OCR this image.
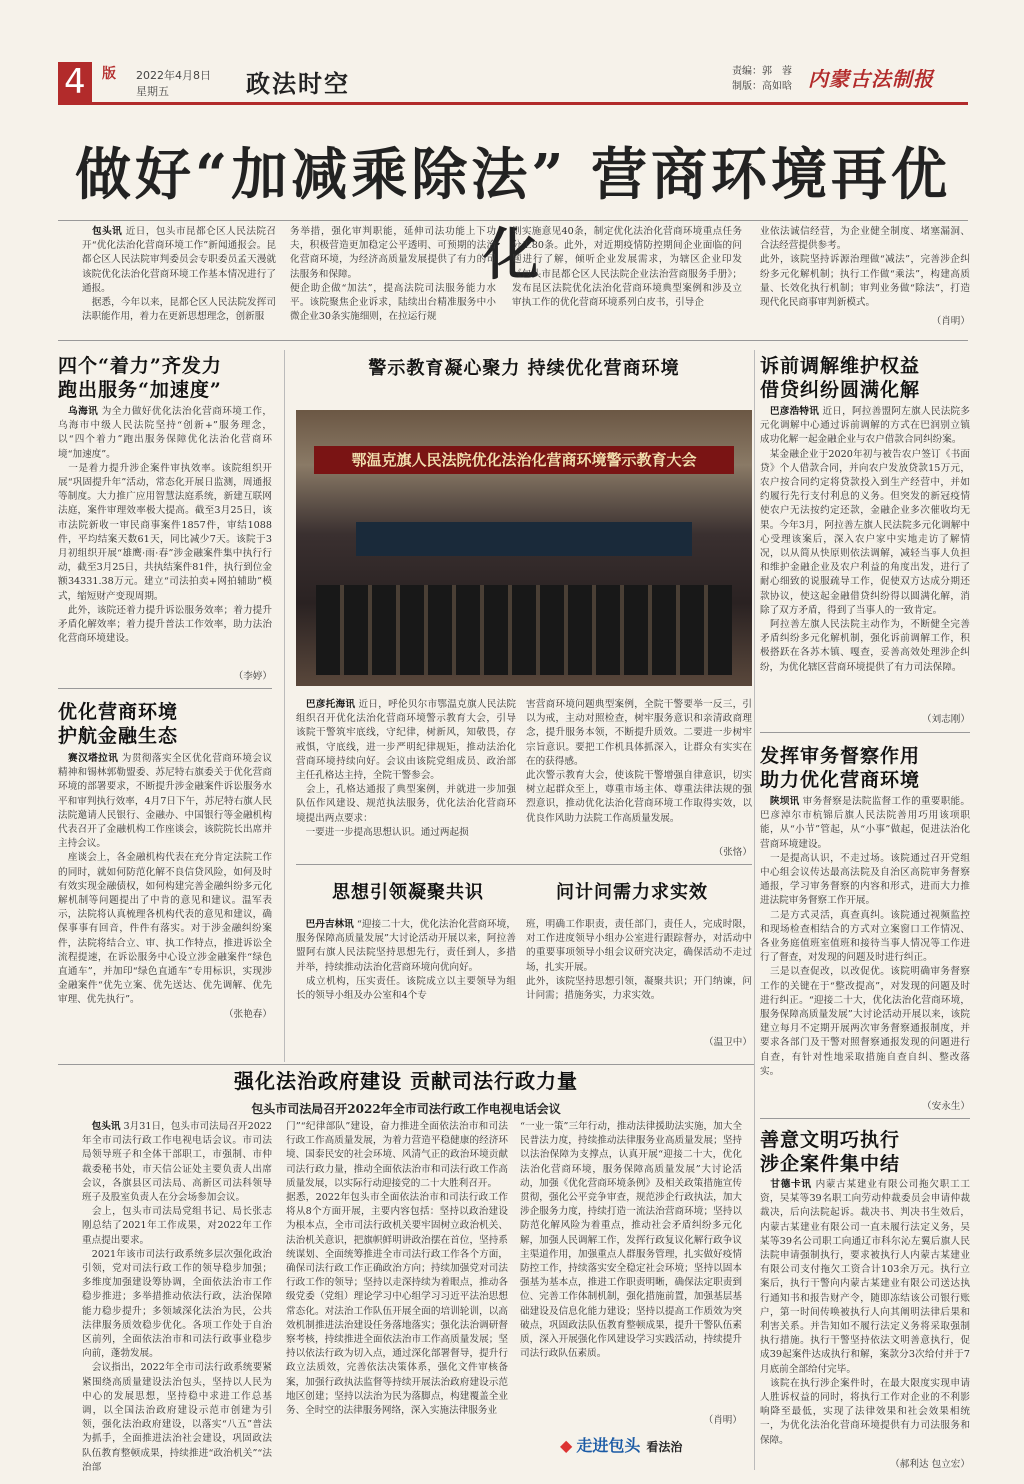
4	版	2022年4月8日
星期五	政法时空	责编：郭　蓉
制版：高如晗 内蒙古法制报
做好“加减乘除法” 营商环境再优化
　包头讯 近日，包头市昆都仑区人民法院召开“优化法治化营商环境工作”新闻通报会。昆都仑区人民法院审判委员会专职委员孟天漫就该院优化法治化营商环境工作基本情况进行了通报。
　据悉，今年以来，昆都仑区人民法院发挥司法职能作用，着力在更新思想理念，创新服
务举措，强化审判职能，延伸司法功能上下功夫，积极营造更加稳定公平透明、可预期的法治化营商环境，为经济高质量发展提供了有力的司法服务和保障。
便企助企做“加法”，提高法院司法服务能力水平。该院聚焦企业诉求，陆续出台精准服务中小微企业30条实施细则，在拉运行规
则实施意见40条，制定优化法治化营商环境重点任务分工80条。此外，对近期疫情防控期间企业面临的问题进行了解，倾听企业发展需求，为辖区企业印发《包头市昆都仑区人民法院企业法治营商服务手册》；发布昆区法院优化法治化营商环境典型案例和涉及立审执工作的优化营商环境系列白皮书，引导企
业依法诚信经营，为企业健全制度、堵塞漏洞、合法经营提供参考。
此外，该院坚持诉源治理做“减法”，完善涉企纠纷多元化解机制；执行工作做“乘法”，构建高质量、长效化执行机制；审判业务做“除法”，打造现代化民商事审判新模式。
（肖明）
四个“着力”齐发力
跑出服务“加速度”
　乌海讯 为全力做好优化法治化营商环境工作，乌海市中级人民法院坚持“创新+”服务理念，以“四个着力”跑出服务保障优化法治化营商环境“加速度”。
　一是着力提升涉企案件审执效率。该院组织开展“巩固提升年”活动，常态化开展日监测，周通报等制度。大力推广应用智慧法庭系统，新建互联网法庭，案件审理效率极大提高。截至3月25日，该市法院新收一审民商事案件1857件，审结1088件，平均结案天数61天，同比减少7天。该院于3月初组织开展“雄鹰·雨·春”涉金融案件集中执行行动，截至3月25日，共执结案件81件，执行到位金额34331.38万元。建立“司法拍卖+网拍辅助”模式，缩短财产变现周期。
　此外，该院还着力提升诉讼服务效率；着力提升矛盾化解效率；着力提升普法工作效率，助力法治化营商环境建设。
（李婷）
优化营商环境
护航金融生态
　赛汉塔拉讯 为贯彻落实全区优化营商环境会议精神和锡林郭勒盟委、苏尼特右旗委关于优化营商环境的部署要求，不断提升涉金融案件诉讼服务水平和审判执行效率，4月7日下午，苏尼特右旗人民法院邀请人民银行、金融办、中国银行等金融机构代表召开了金融机构工作座谈会，该院院长出席并主持会议。
　座谈会上，各金融机构代表在充分肯定法院工作的同时，就如何防范化解不良信贷风险，如何及时有效实现金融债权，如何构建完善金融纠纷多元化解机制等问题提出了中肯的意见和建议。温军表示，法院将认真梳理各机构代表的意见和建议，确保事事有回音，件件有落实。对于涉金融纠纷案件，法院将结合立、审、执工作特点，推进诉讼全流程提速，在诉讼服务中心设立涉金融案件“绿色直通车”，并加印“绿色直通车”专用标识，实现涉金融案件“优先立案、优先送达、优先调解、优先审理、优先执行”。
（张艳春）
警示教育凝心聚力 持续优化营商环境
鄂温克旗人民法院优化法治化营商环境警示教育大会
　巴彦托海讯 近日，呼伦贝尔市鄂温克旗人民法院组织召开优化法治化营商环境警示教育大会，引导该院干警筑牢底线，守纪律，树新风，知敬畏，存戒惧，守底线，进一步严明纪律规矩，推动法治化营商环境持续向好。会议由该院党组成员、政治部主任孔格达主持，全院干警参会。
　会上，孔格达通报了典型案例，并就进一步加强队伍作风建设、规范执法服务，优化法治化营商环境提出两点要求：
　一要进一步提高思想认识。通过两起损
害营商环境问题典型案例，全院干警要举一反三，引以为戒，主动对照检查，树牢服务意识和亲清政商理念，提升服务本领，不断提升质效。二要进一步树牢宗旨意识。要把工作机具体抓深入，让群众有实实在在的获得感。
此次警示教育大会，使该院干警增强自律意识，切实树立起群众至上，尊重市场主体、尊重法律法规的强烈意识，推动优化法治化营商环境工作取得实效，以优良作风助力法院工作高质量发展。
（张恪）
思想引领凝聚共识	问计问需力求实效
　巴丹吉林讯 “迎接二十大，优化法治化营商环境，服务保障高质量发展”大讨论活动开展以来，阿拉善盟阿右旗人民法院坚持思想先行，责任到人，多措并举，持续推动法治化营商环境向优向好。
　成立机构，压实责任。该院成立以主要领导为组长的领导小组及办公室和4个专
班，明确工作职责，责任部门，责任人，完成时限，对工作进度领导小组办公室进行跟踪督办，对活动中的重要事项领导小组会议研究决定，确保活动不走过场，扎实开展。
此外，该院坚持思想引领，凝聚共识；开门纳谏，问计问需；措施务实，力求实效。
（温卫中）
诉前调解维护权益
借贷纠纷圆满化解
　巴彦浩特讯 近日，阿拉善盟阿左旗人民法院多元化调解中心通过诉前调解的方式在巴润别立镇成功化解一起金融企业与农户借款合同纠纷案。
　某金融企业于2020年初与被告农户签订《书面贷》个人借款合同，并向农户发放贷款15万元，农户按合同约定将贷款投入到生产经营中，并如约履行先行支付利息的义务。但突发的新冠疫情使农户无法按约定还款，金融企业多次催收均无果。今年3月，阿拉善左旗人民法院多元化调解中心受理该案后，深入农户家中实地走访了解情况，以从简从快原则依法调解，减轻当事人负担和维护金融企业及农户利益的角度出发，进行了耐心细致的说服疏导工作，促使双方达成分期还款协议，使这起金融借贷纠纷得以圆满化解，消除了双方矛盾，得到了当事人的一致肯定。
　阿拉善左旗人民法院主动作为，不断健全完善矛盾纠纷多元化解机制，强化诉前调解工作，积极搭跃在各苏木镇、嘎查，妥善高效处理涉企纠纷，为优化辖区营商环境提供了有力司法保障。
（刘志刚）
发挥审务督察作用
助力优化营商环境
　陕坝讯 审务督察是法院监督工作的重要职能。巴彦淖尔市杭锦后旗人民法院善用巧用该项职能，从“小节”管起，从“小事”做起，促进法治化营商环境建设。
　一是提高认识，不走过场。该院通过召开党组中心组会议传达最高法院及自治区高院审务督察通报，学习审务督察的内容和形式，进而大力推进法院审务督察工作开展。
　二是方式灵活，真查真纠。该院通过视频监控和现场检查相结合的方式对立案窗口工作情况、各业务庭值班室值班和接待当事人情况等工作进行了督查，对发现的问题及时进行纠正。
　三是以查促改，以改促优。该院明确审务督察工作的关键在于“整改提高”，对发现的问题及时进行纠正。“迎接二十大，优化法治化营商环境，服务保障高质量发展”大讨论活动开展以来，该院建立每月不定期开展两次审务督察通报制度，并要求各部门及干警对照督察通报发现的问题进行自查，有针对性地采取措施自查自纠、整改落实。
（安永生）
善意文明巧执行
涉企案件集中结
　甘德卡讯 内蒙古某建业有限公司拖欠职工工资，吴某等39名职工向劳动仲裁委员会申请仲裁裁决，后向法院起诉。裁决书、判决书生效后，内蒙古某建业有限公司一直未履行法定义务，吴某等39名公司职工向通辽市科尔沁左翼后旗人民法院申请强制执行，要求被执行人内蒙古某建业有限公司支付拖欠工资合计103余万元。执行立案后，执行干警向内蒙古某建业有限公司送达执行通知书和报告财产令，随即冻结该公司银行账户，第一时间传唤被执行人向其阐明法律后果和利害关系。并告知如不履行法定义务将采取强制执行措施。执行干警坚持依法文明善意执行，促成39起案件达成执行和解，案款分3次给付并于7月底前全部给付完毕。
　该院在执行涉企案件时，在最大限度实现申请人胜诉权益的同时，将执行工作对企业的不利影响降至最低，实现了法律效果和社会效果相统一，为优化法治化营商环境提供有力司法服务和保障。
（郝利达 包立宏）
强化法治政府建设 贡献司法行政力量
包头市司法局召开2022年全市司法行政工作电视电话会议
　包头讯 3月31日，包头市司法局召开2022年全市司法行政工作电视电话会议。市司法局领导班子和全体干部职工，市强制、市仲裁委秘书处，市天信公证处主要负责人出席会议，各旗县区司法局、高新区司法科领导班子及股室负责人在分会场参加会议。
　会上，包头市司法局党组书记、局长张志刚总结了2021年工作成果，对2022年工作重点提出要求。
　2021年该市司法行政系统多层次强化政治引领，党对司法行政工作的领导稳步加强；多维度加强建设筹协调，全面依法治市工作稳步推进；多举措推动依法行政，法治保障能力稳步提升；多领域深化法治为民，公共法律服务质效稳步优化。各项工作处于自治区前列，全面依法治市和司法行政事业稳步向前，蓬勃发展。
　会议指出，2022年全市司法行政系统要紧紧围绕高质量建设法治包头，坚持以人民为中心的发展思想，坚持稳中求进工作总基调，以全国法治政府建设示范市创建为引领，强化法治政府建设，以落实“八五”普法为抓手，全面推进法治社会建设，巩固政法队伍教育整顿成果，持续推进“政治机关”“法治部
门”“纪律部队”建设，奋力推进全面依法治市和司法行政工作高质量发展，为着力营造平稳健康的经济环境、国泰民安的社会环境、风清气正的政治环境贡献司法行政力量，推动全面依法治市和司法行政工作高质量发展，以实际行动迎接党的二十大胜利召开。
据悉，2022年包头市全面依法治市和司法行政工作将从8个方面开展，主要内容包括：坚持以政治建设为根本点，全市司法行政机关要牢固树立政治机关、法治机关意识，把旗帜鲜明讲政治摆在首位，坚持系统谋划、全面统筹推进全市司法行政工作各个方面，确保司法行政工作正确政治方向；持续加强党对司法行政工作的领导；坚持以走深持续为着眼点，推动各级党委（党组）理论学习中心组学习习近平法治思想常态化。对法治工作队伍开展全面的培训轮训，以高效机制推进法治建设任务落地落实；强化法治调研督察考核，持续推进全面依法治市工作高质量发展；坚持以依法行政为切入点，通过深化部署督导，提升行政立法质效，完善依法决策体系，强化文件审核备案，加强行政执法监督等持续开展法治政府建设示范地区创建；坚持以法治为民为落脚点，构建覆盖全业务、全时空的法律服务网络，深入实施法律服务业
“一业一策”三年行动，推动法律援助法实施，加大全民普法力度，持续推动法律服务业高质量发展；坚持以法治保障为支撑点，认真开展“迎接二十大，优化法治化营商环境，服务保障高质量发展”大讨论活动，加强《优化营商环境条例》及相关政策措施宣传贯彻，强化公平竞争审查，规范涉企行政执法，加大涉企服务力度，持续打造一流法治营商环境；坚持以防范化解风险为着重点，推动社会矛盾纠纷多元化解，加强人民调解工作，发挥行政复议化解行政争议主渠道作用，加强重点人群服务管理，扎实做好疫情防控工作，持续落实安全稳定社会环境；坚持以固本强基为基本点，推进工作职责明晰，确保法定职责到位、完善工作体制机制，强化措施前置，加强基层基础建设及信息化能力建设；坚持以提高工作质效为突破点，巩固政法队伍教育整顿成果，提升干警队伍素质，深入开展强化作风建设学习实践活动，持续提升司法行政队伍素质。
（肖明）
◆ 走进包头 看法治
